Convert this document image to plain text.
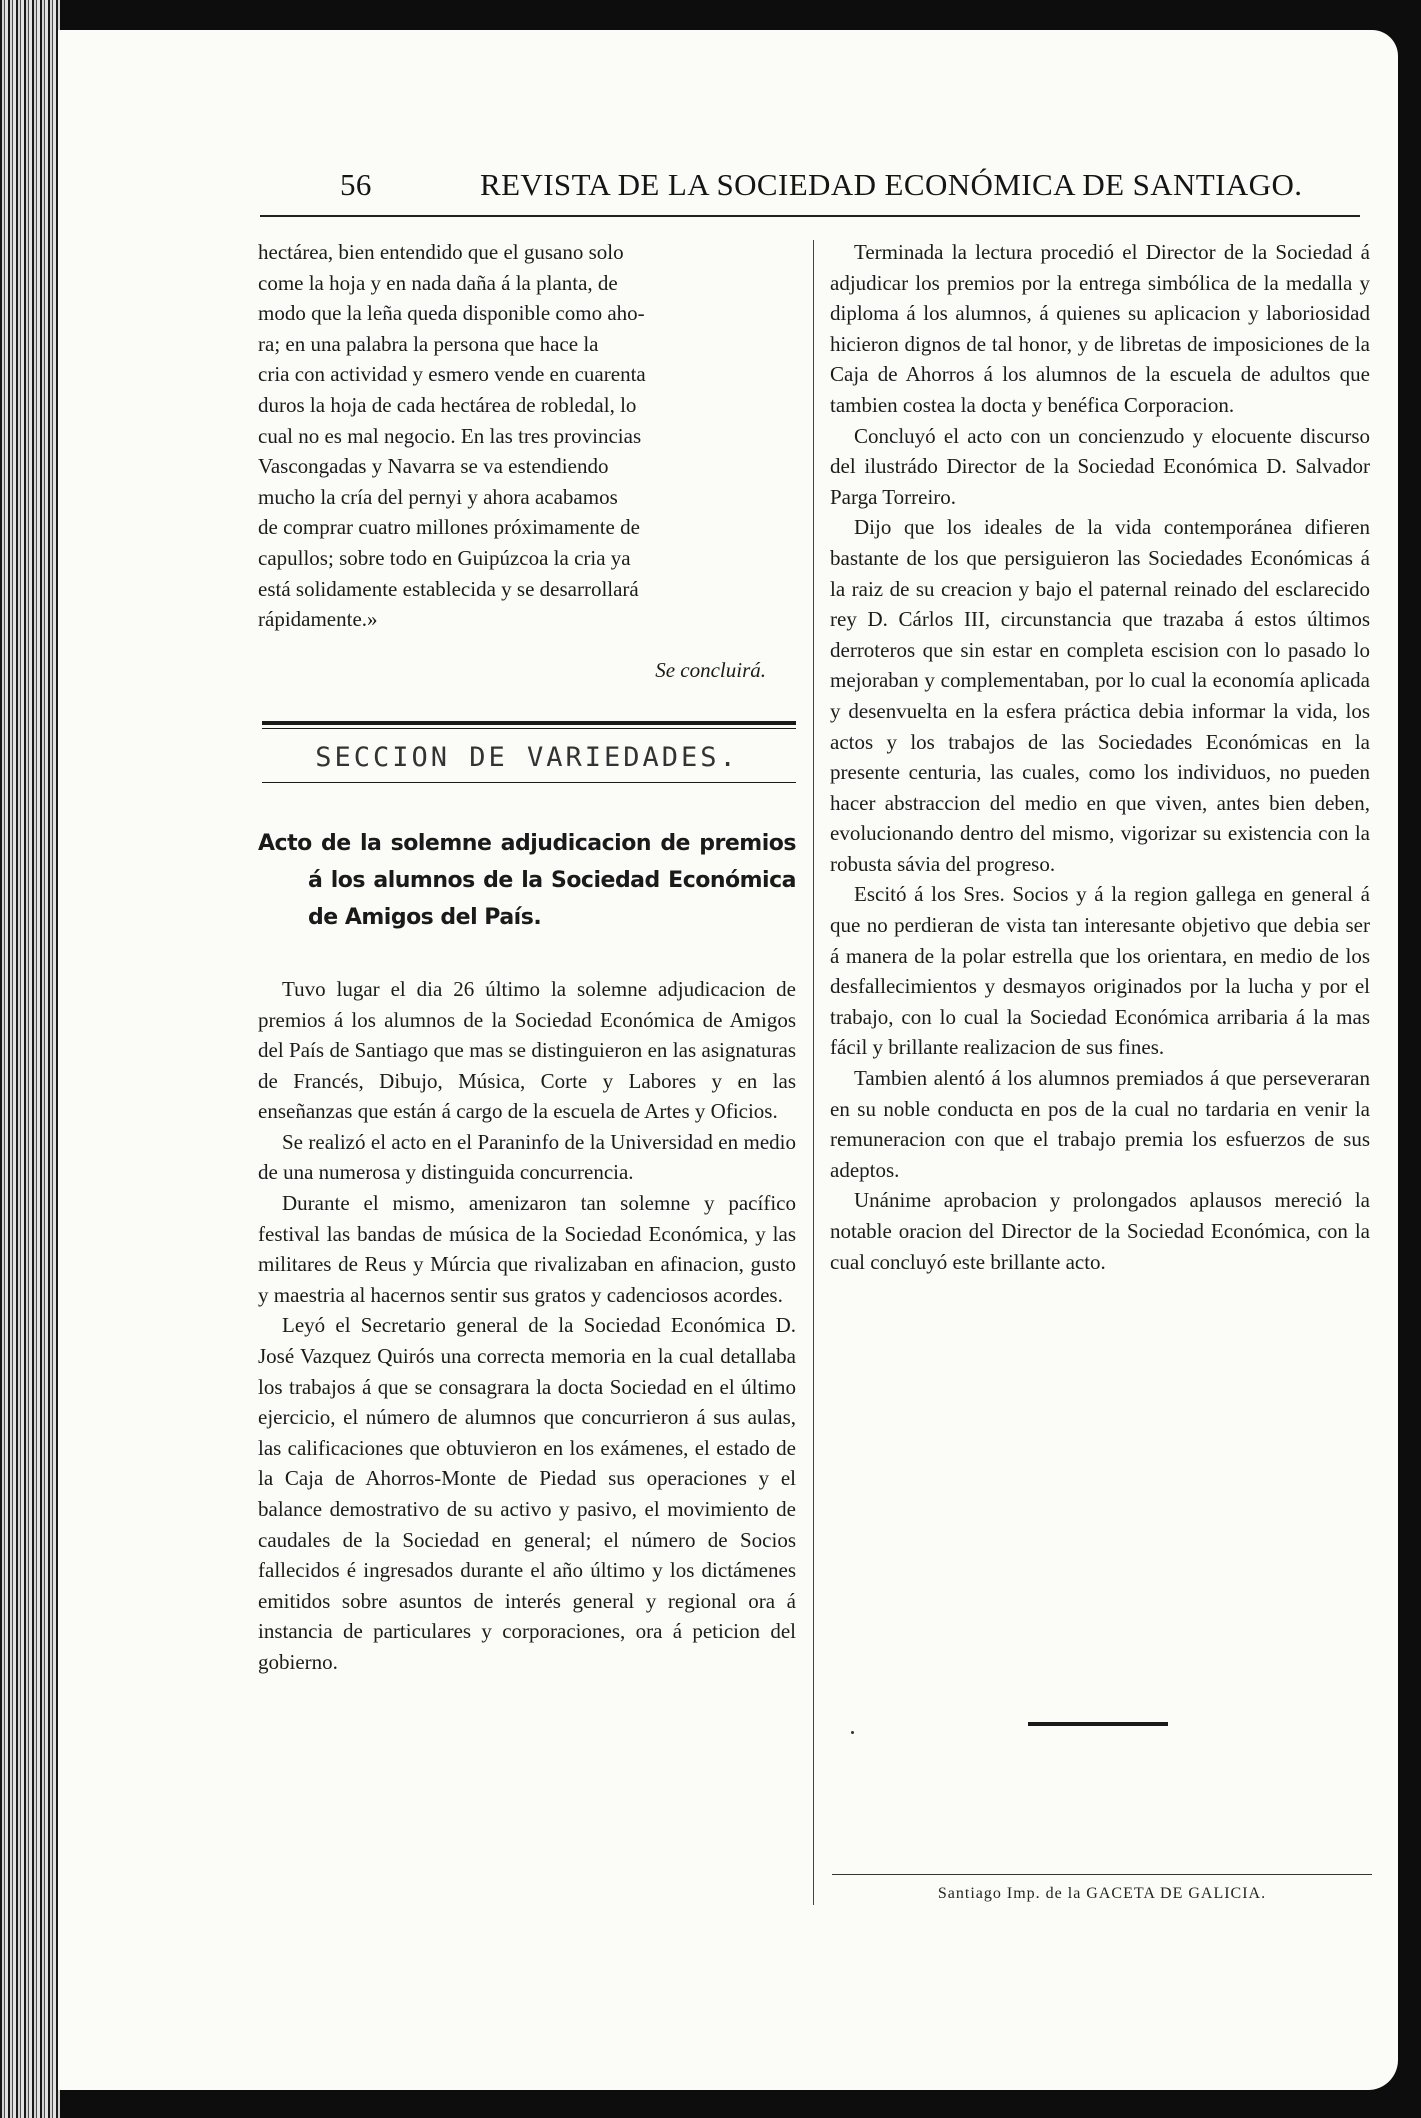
56	REVISTA DE LA SOCIEDAD ECONÓMICA DE SANTIAGO.

hectárea, bien entendido que el gusano solo

come la hoja y en nada daña á la planta, de

modo que la leña queda disponible como aho-

ra; en una palabra la persona que hace la

cria con actividad y esmero vende en cuarenta

duros la hoja de cada hectárea de robledal, lo

cual no es mal negocio. En las tres provincias

Vascongadas y Navarra se va estendiendo

mucho la cría del pernyi y ahora acabamos

de comprar cuatro millones próximamente de

capullos; sobre todo en Guipúzcoa la cria ya

está solidamente establecida y se desarrollará

rápidamente.»

Se concluirá.

SECCION DE VARIEDADES.
Acto de la solemne adjudicacion de premios á los alumnos de la Sociedad Económica de Amigos del País.

Tuvo lugar el dia 26 último la solemne adjudicacion de premios á los alumnos de la Sociedad Económica de Amigos del País de Santiago que mas se distinguieron en las asignaturas de Francés, Dibujo, Música, Corte y Labores y en las enseñanzas que están á cargo de la escuela de Artes y Oficios.

Se realizó el acto en el Paraninfo de la Universidad en medio de una numerosa y distinguida concurrencia.

Durante el mismo, amenizaron tan solemne y pacífico festival las bandas de música de la Sociedad Económica, y las militares de Reus y Múrcia que rivalizaban en afinacion, gusto y maestria al hacernos sentir sus gratos y cadenciosos acordes.

Leyó el Secretario general de la Sociedad Económica D. José Vazquez Quirós una correcta memoria en la cual detallaba los trabajos á que se consagrara la docta Sociedad en el último ejercicio, el número de alumnos que concurrieron á sus aulas, las calificaciones que obtuvieron en los exámenes, el estado de la Caja de Ahorros-Monte de Piedad sus operaciones y el balance demostrativo de su activo y pasivo, el movimiento de caudales de la Sociedad en general; el número de Socios fallecidos é ingresados durante el año último y los dictámenes emitidos sobre asuntos de interés general y regional ora á instancia de particulares y corporaciones, ora á peticion del gobierno.

Terminada la lectura procedió el Director de la Sociedad á adjudicar los premios por la entrega simbólica de la medalla y diploma á los alumnos, á quienes su aplicacion y laboriosidad hicieron dignos de tal honor, y de libretas de imposiciones de la Caja de Ahorros á los alumnos de la escuela de adultos que tambien costea la docta y benéfica Corporacion.

Concluyó el acto con un concienzudo y elocuente discurso del ilustrádo Director de la Sociedad Económica D. Salvador Parga Torreiro.

Dijo que los ideales de la vida contemporánea difieren bastante de los que persiguieron las Sociedades Económicas á la raiz de su creacion y bajo el paternal reinado del esclarecido rey D. Cárlos III, circunstancia que trazaba á estos últimos derroteros que sin estar en completa escision con lo pasado lo mejoraban y complementaban, por lo cual la economía aplicada y desenvuelta en la esfera práctica debia informar la vida, los actos y los trabajos de las Sociedades Económicas en la presente centuria, las cuales, como los individuos, no pueden hacer abstraccion del medio en que viven, antes bien deben, evolucionando dentro del mismo, vigorizar su existencia con la robusta sávia del progreso.

Escitó á los Sres. Socios y á la region gallega en general á que no perdieran de vista tan interesante objetivo que debia ser á manera de la polar estrella que los orientara, en medio de los desfallecimientos y desmayos originados por la lucha y por el trabajo, con lo cual la Sociedad Económica arribaria á la mas fácil y brillante realizacion de sus fines.

Tambien alentó á los alumnos premiados á que perseveraran en su noble conducta en pos de la cual no tardaria en venir la remuneracion con que el trabajo premia los esfuerzos de sus adeptos.

Unánime aprobacion y prolongados aplausos mereció la notable oracion del Director de la Sociedad Económica, con la cual concluyó este brillante acto.

Santiago Imp. de la GACETA DE GALICIA.
